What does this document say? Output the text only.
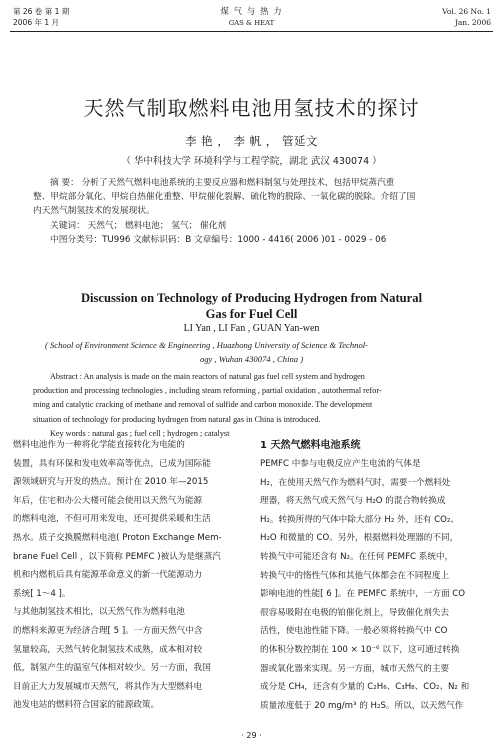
第 26 卷 第 1 期
2006 年 1 月
煤 气 与 热 力
GAS & HEAT
Vol. 26 No. 1
Jan. 2006
天然气制取燃料电池用氢技术的探讨
李 艳 ， 李 帆 ， 管延文
（ 华中科技大学 环境科学与工程学院，湖北 武汉 430074 ）
摘 要： 分析了天然气燃料电池系统的主要反应器和燃料制氢与处理技术，包括甲烷蒸汽重
整、甲烷部分氧化、甲烷自热催化重整、甲烷催化裂解、硫化物的脱除、一氧化碳的脱除。介绍了国
内天然气制氢技术的发展现状。
关键词： 天然气； 燃料电池； 氢气； 催化剂
中图分类号：TU996 文献标识码：B 文章编号：1000 - 4416( 2006 )01 - 0029 - 06
Discussion on Technology of Producing Hydrogen from Natural
Gas for Fuel Cell
LI Yan , LI Fan , GUAN Yan-wen
( School of Environment Science & Engineering , Huazhong University of Science & Technol-
ogy , Wuhan 430074 , China )
Abstract : An analysis is made on the main reactors of natural gas fuel cell system and hydrogen
production and processing technologies , including steam reforming , partial oxidation , autothermal refor-
ming and catalytic cracking of methane and removal of sulfide and carbon monoxide. The development
situation of technology for producing hydrogen from natural gas in China is introduced.
Key words : natural gas ; fuel cell ; hydrogen ; catalyst
燃料电池作为一种将化学能直接转化为电能的
装置，具有环保和发电效率高等优点，已成为国际能
源领域研究与开发的热点。预计在 2010 年—2015
年后，住宅和办公大楼可能会使用以天然气为能源
的燃料电池，不但可用来发电，还可提供采暖和生活
热水。质子交换膜燃料电池( Proton Exchange Mem-
brane Fuel Cell ，以下简称 PEMFC )被认为是继蒸汽
机和内燃机后具有能源革命意义的新一代能源动力
系统[ 1～4 ]。
与其他制氢技术相比，以天然气作为燃料电池
的燃料来源更为经济合理[ 5 ]。一方面天然气中含
氢量较高，天然气转化制氢技术成熟，成本相对较
低，制氢产生的温室气体相对较少。另一方面，我国
目前正大力发展城市天然气，将其作为大型燃料电
池发电站的燃料符合国家的能源政策。
1 天然气燃料电池系统
PEMFC 中参与电极反应产生电流的气体是
H₂，在使用天然气作为燃料气时，需要一个燃料处
理器，将天然气或天然气与 H₂O 的混合物转换成
H₂。转换所得的气体中除大部分 H₂ 外，还有 CO₂、
H₂O 和微量的 CO。另外，根据燃料处理器的不同，
转换气中可能还含有 N₂。在任何 PEMFC 系统中，
转换气中的惰性气体和其他气体都会在不同程度上
影响电池的性能[ 6 ]。在 PEMFC 系统中，一方面 CO
很容易吸附在电极的铂催化剂上，导致催化剂失去
活性，使电池性能下降。一般必须将转换气中 CO
的体积分数控制在 100 × 10⁻⁶ 以下，这可通过转换
器或氧化器来实现。另一方面，城市天然气的主要
成分是 CH₄，还含有少量的 C₂H₆、C₃H₈、CO₂、N₂ 和
质量浓度低于 20 mg/m³ 的 H₂S。所以，以天然气作
· 29 ·
